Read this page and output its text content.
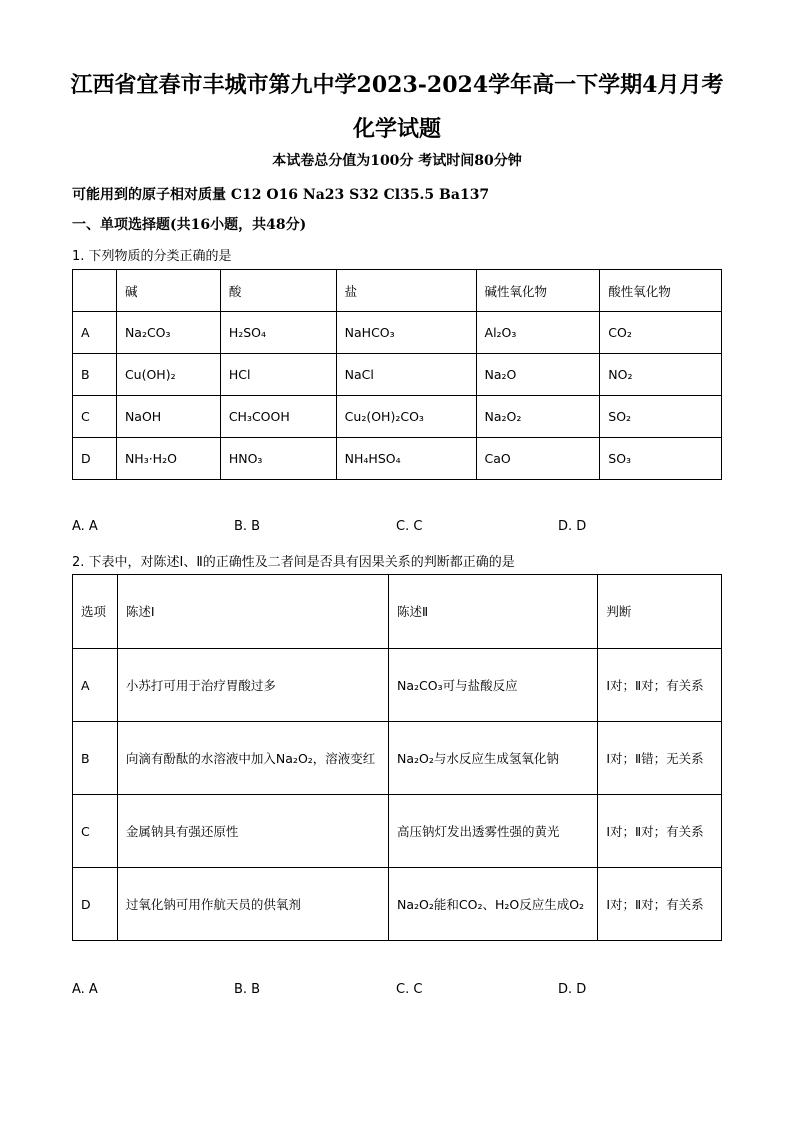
江西省宜春市丰城市第九中学2023-2024学年高一下学期4月月考
化学试题
本试卷总分值为100分 考试时间80分钟
可能用到的原子相对质量 C12 O16 Na23 S32 Cl35.5 Ba137
一、单项选择题(共16小题，共48分)
1. 下列物质的分类正确的是
	碱	酸	盐	碱性氧化物	酸性氧化物
A	Na₂CO₃	H₂SO₄	NaHCO₃	Al₂O₃	CO₂
B	Cu(OH)₂	HCl	NaCl	Na₂O	NO₂
C	NaOH	CH₃COOH	Cu₂(OH)₂CO₃	Na₂O₂	SO₂
D	NH₃·H₂O	HNO₃	NH₄HSO₄	CaO	SO₃
A. A	B. B	C. C	D. D
2. 下表中，对陈述Ⅰ、Ⅱ的正确性及二者间是否具有因果关系的判断都正确的是
选项	陈述Ⅰ	陈述Ⅱ	判断
A	小苏打可用于治疗胃酸过多	Na₂CO₃可与盐酸反应	Ⅰ对；Ⅱ对；有关系
B	向滴有酚酞的水溶液中加入Na₂O₂，溶液变红	Na₂O₂与水反应生成氢氧化钠	Ⅰ对；Ⅱ错；无关系
C	金属钠具有强还原性	高压钠灯发出透雾性强的黄光	Ⅰ对；Ⅱ对；有关系
D	过氧化钠可用作航天员的供氧剂	Na₂O₂能和CO₂、H₂O反应生成O₂	Ⅰ对；Ⅱ对；有关系
A. A	B. B	C. C	D. D
